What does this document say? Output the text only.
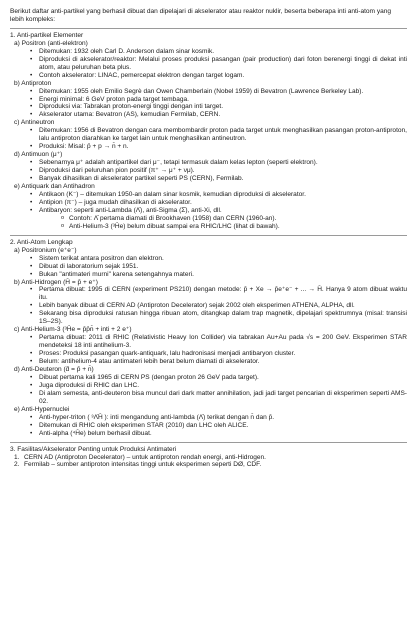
Berikut daftar anti-partikel yang berhasil dibuat dan dipelajari di akselerator atau reaktor nuklir, beserta beberapa inti anti-atom yang lebih kompleks:

1. Anti-partikel Elementer

a) Positron (anti-elektron)

• Ditemukan: 1932 oleh Carl D. Anderson dalam sinar kosmik.
• Diproduksi di akselerator/reaktor: Melalui proses produksi pasangan (pair production) dari foton berenergi tinggi di dekat inti atom, atau peluruhan beta plus.
• Contoh akselerator: LINAC, pemercepat elektron dengan target logam.

b) Antiproton

• Ditemukan: 1955 oleh Emilio Segrè dan Owen Chamberlain (Nobel 1959) di Bevatron (Lawrence Berkeley Lab).
• Energi minimal: 6 GeV proton pada target tembaga.
• Diproduksi via: Tabrakan proton-energi tinggi dengan inti target.
• Akselerator utama: Bevatron (AS), kemudian Fermilab, CERN.

c) Antineutron

• Ditemukan: 1956 di Bevatron dengan cara membombardir proton pada target untuk menghasilkan pasangan proton-antiproton, lalu antiproton diarahkan ke target lain untuk menghasilkan antineutron.
• Produksi: Misal: p̄ + p → n̄ + n.

d) Antimuon (μ⁺)

• Sebenarnya μ⁺ adalah antipartikel dari μ⁻, tetapi termasuk dalam kelas lepton (seperti elektron).
• Diproduksi dari peluruhan pion positif (π⁺ → μ⁺ + νμ).
• Banyak dihasilkan di akselerator partikel seperti PS (CERN), Fermilab.

e) Antiquark dan Antihadron

• Antikaon (K⁻) – ditemukan 1950-an dalam sinar kosmik, kemudian diproduksi di akselerator.
• Antipion (π⁻) – juga mudah dihasilkan di akselerator.
• Antibaryon: seperti anti-Lambda (Λ̄), anti-Sigma (Σ̄), anti-Xi, dll.
o Contoh: Λ̄ pertama diamati di Brookhaven (1958) dan CERN (1960-an).
o Anti-Helium-3 (³H̄e) belum dibuat sampai era RHIC/LHC (lihat di bawah).

2. Anti-Atom Lengkap

a) Positronium (e⁺e⁻)

• Sistem terikat antara positron dan elektron.
• Dibuat di laboratorium sejak 1951.
• Bukan "antimateri murni" karena setengahnya materi.

b) Anti-Hidrogen (H̄ = p̄ + e⁺)

• Pertama dibuat: 1995 di CERN (experiment PS210) dengan metode: p̄ + Xe → p̄e⁺e⁻ + ... → H̄. Hanya 9 atom dibuat waktu itu.
• Lebih banyak dibuat di CERN AD (Antiproton Decelerator) sejak 2002 oleh eksperimen ATHENA, ALPHA, dll.
• Sekarang bisa diproduksi ratusan hingga ribuan atom, ditangkap dalam trap magnetik, dipelajari spektrumnya (misal: transisi 1S–2S).

c) Anti-Helium-3 (³H̄e = p̄p̄n̄ + inti + 2 e⁺)

• Pertama dibuat: 2011 di RHIC (Relativistic Heavy Ion Collider) via tabrakan Au+Au pada √s = 200 GeV. Eksperimen STAR mendeteksi 18 inti antihelium-3.
• Proses: Produksi pasangan quark-antiquark, lalu hadronisasi menjadi antibaryon cluster.
• Belum: antihelium-4 atau antimateri lebih berat belum diamati di akselerator.

d) Anti-Deuteron (d̄ = p̄ + n̄)

• Dibuat pertama kali 1965 di CERN PS (dengan proton 26 GeV pada target).
• Juga diproduksi di RHIC dan LHC.
• Di alam semesta, anti-deuteron bisa muncul dari dark matter annihilation, jadi jadi target pencarian di eksperimen seperti AMS-02.

e) Anti-Hypernuclei

• Anti-hyper-triton ( ³Λ̄H̄ ): inti mengandung anti-lambda (Λ̄) terikat dengan n̄ dan p̄.
• Ditemukan di RHIC oleh eksperimen STAR (2010) dan LHC oleh ALICE.
• Anti-alpha (⁴H̄e) belum berhasil dibuat.

3. Fasilitas/Akselerator Penting untuk Produksi Antimateri

1. CERN AD (Antiproton Decelerator) – untuk antiproton rendah energi, anti-Hidrogen.
2. Fermilab – sumber antiproton intensitas tinggi untuk eksperimen seperti DØ, CDF.
